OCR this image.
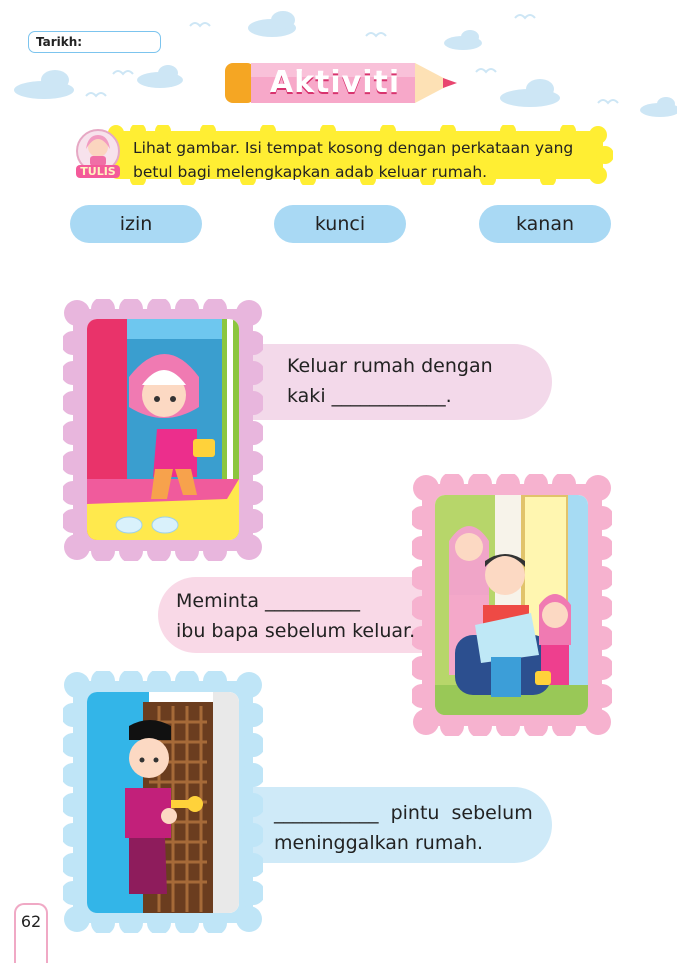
Tarikh:
Aktiviti
TULIS
Lihat gambar. Isi tempat kosong dengan perkataan yang
betul bagi melengkapkan adab keluar rumah.
izin	kunci	kanan
Keluar rumah dengan
kaki ____________.
Meminta __________
ibu bapa sebelum keluar.
___________  pintu  sebelum
meninggalkan rumah.
62
